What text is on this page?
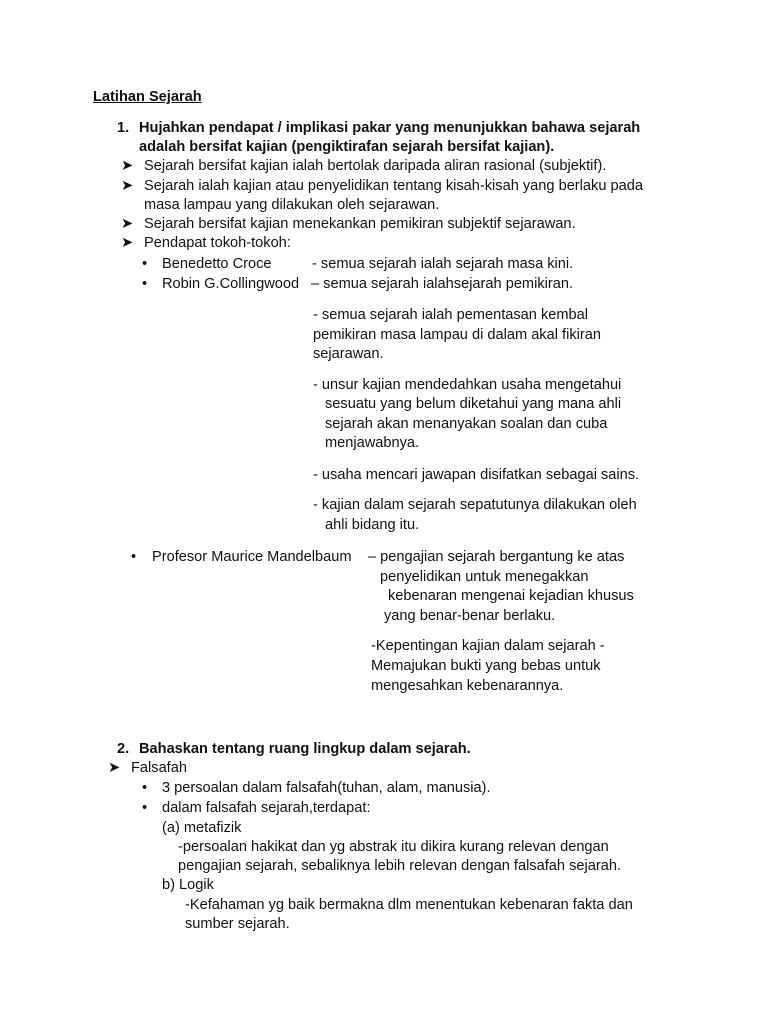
Latihan Sejarah
1. Hujahkan pendapat / implikasi pakar yang menunjukkan bahawa sejarah
adalah bersifat kajian (pengiktirafan sejarah bersifat kajian).
➤ Sejarah bersifat kajian ialah bertolak daripada aliran rasional (subjektif).
➤ Sejarah ialah kajian atau penyelidikan tentang kisah-kisah yang berlaku pada
masa lampau yang dilakukan oleh sejarawan.
➤ Sejarah bersifat kajian menekankan pemikiran subjektif sejarawan.
➤ Pendapat tokoh-tokoh:
• Benedetto Croce	- semua sejarah ialah sejarah masa kini.
• Robin G.Collingwood – semua sejarah ialahsejarah pemikiran.
- semua sejarah ialah pementasan kembal
pemikiran masa lampau di dalam akal fikiran
sejarawan.
- unsur kajian mendedahkan usaha mengetahui
sesuatu yang belum diketahui yang mana ahli
sejarah akan menanyakan soalan dan cuba
menjawabnya.
- usaha mencari jawapan disifatkan sebagai sains.
- kajian dalam sejarah sepatutunya dilakukan oleh
ahli bidang itu.
• Profesor Maurice Mandelbaum – pengajian sejarah bergantung ke atas
penyelidikan untuk menegakkan
kebenaran mengenai kejadian khusus
yang benar-benar berlaku.
-Kepentingan kajian dalam sejarah -
Memajukan bukti yang bebas untuk
mengesahkan kebenarannya.
2. Bahaskan tentang ruang lingkup dalam sejarah.
➤ Falsafah
• 3 persoalan dalam falsafah(tuhan, alam, manusia).
• dalam falsafah sejarah,terdapat:
(a) metafizik
-persoalan hakikat dan yg abstrak itu dikira kurang relevan dengan
pengajian sejarah, sebaliknya lebih relevan dengan falsafah sejarah.
b) Logik
-Kefahaman yg baik bermakna dlm menentukan kebenaran fakta dan
sumber sejarah.
